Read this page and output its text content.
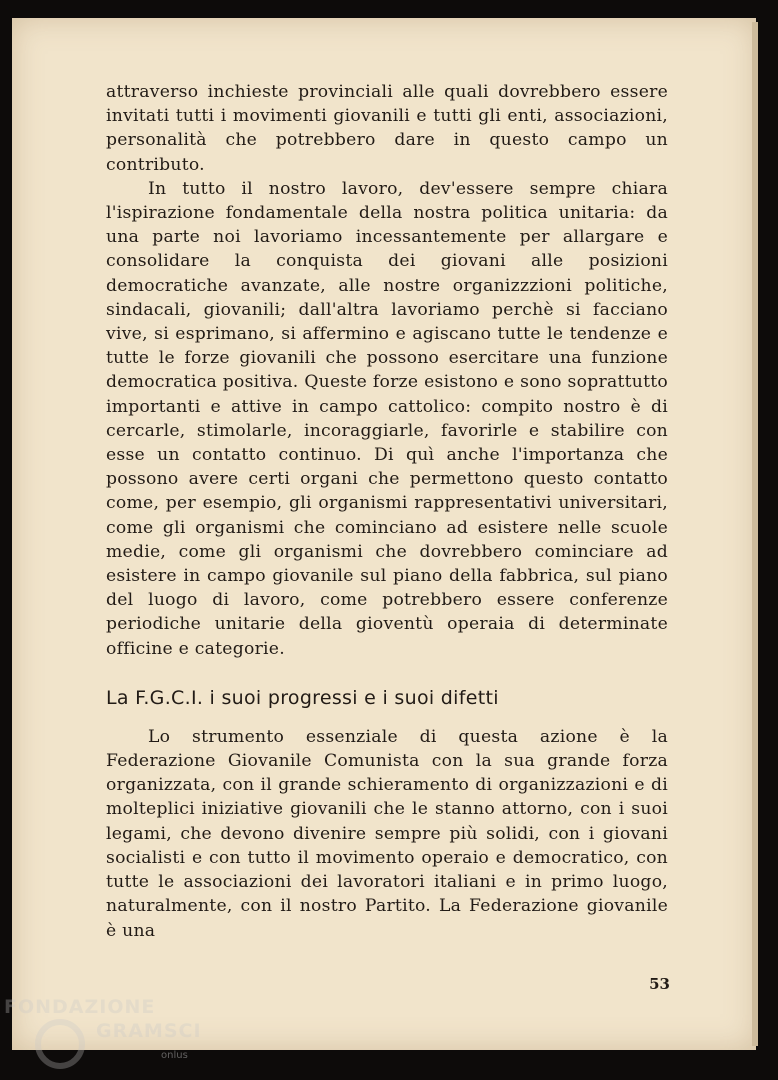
attraverso inchieste provinciali alle quali dovrebbero essere invitati tutti i movimenti giovanili e tutti gli enti, associazioni, personalità che potrebbero dare in questo campo un contributo.

In tutto il nostro lavoro, dev'essere sempre chiara l'ispirazione fondamentale della nostra politica unitaria: da una parte noi lavoriamo incessantemente per allargare e consolidare la conquista dei giovani alle posizioni democratiche avanzate, alle nostre organizzzioni politiche, sindacali, giovanili; dall'altra lavoriamo perchè si facciano vive, si esprimano, si affermino e agiscano tutte le tendenze e tutte le forze giovanili che possono esercitare una funzione democratica positiva. Queste forze esistono e sono soprattutto importanti e attive in campo cattolico: compito nostro è di cercarle, stimolarle, incoraggiarle, favorirle e stabilire con esse un contatto continuo. Di quì anche l'importanza che possono avere certi organi che permettono questo contatto come, per esempio, gli organismi rappresentativi universitari, come gli organismi che cominciano ad esistere nelle scuole medie, come gli organismi che dovrebbero cominciare ad esistere in campo giovanile sul piano della fabbrica, sul piano del luogo di lavoro, come potrebbero essere conferenze periodiche unitarie della gioventù operaia di determinate officine e categorie.

La F.G.C.I. i suoi progressi e i suoi difetti

Lo strumento essenziale di questa azione è la Federazione Giovanile Comunista con la sua grande forza organizzata, con il grande schieramento di organizzazioni e di molteplici iniziative giovanili che le stanno attorno, con i suoi legami, che devono divenire sempre più solidi, con i giovani socialisti e con tutto il movimento operaio e democratico, con tutte le associazioni dei lavoratori italiani e in primo luogo, naturalmente, con il nostro Partito. La Federazione giovanile è una

53
FONDAZIONE
GRAMSCI
onlus
